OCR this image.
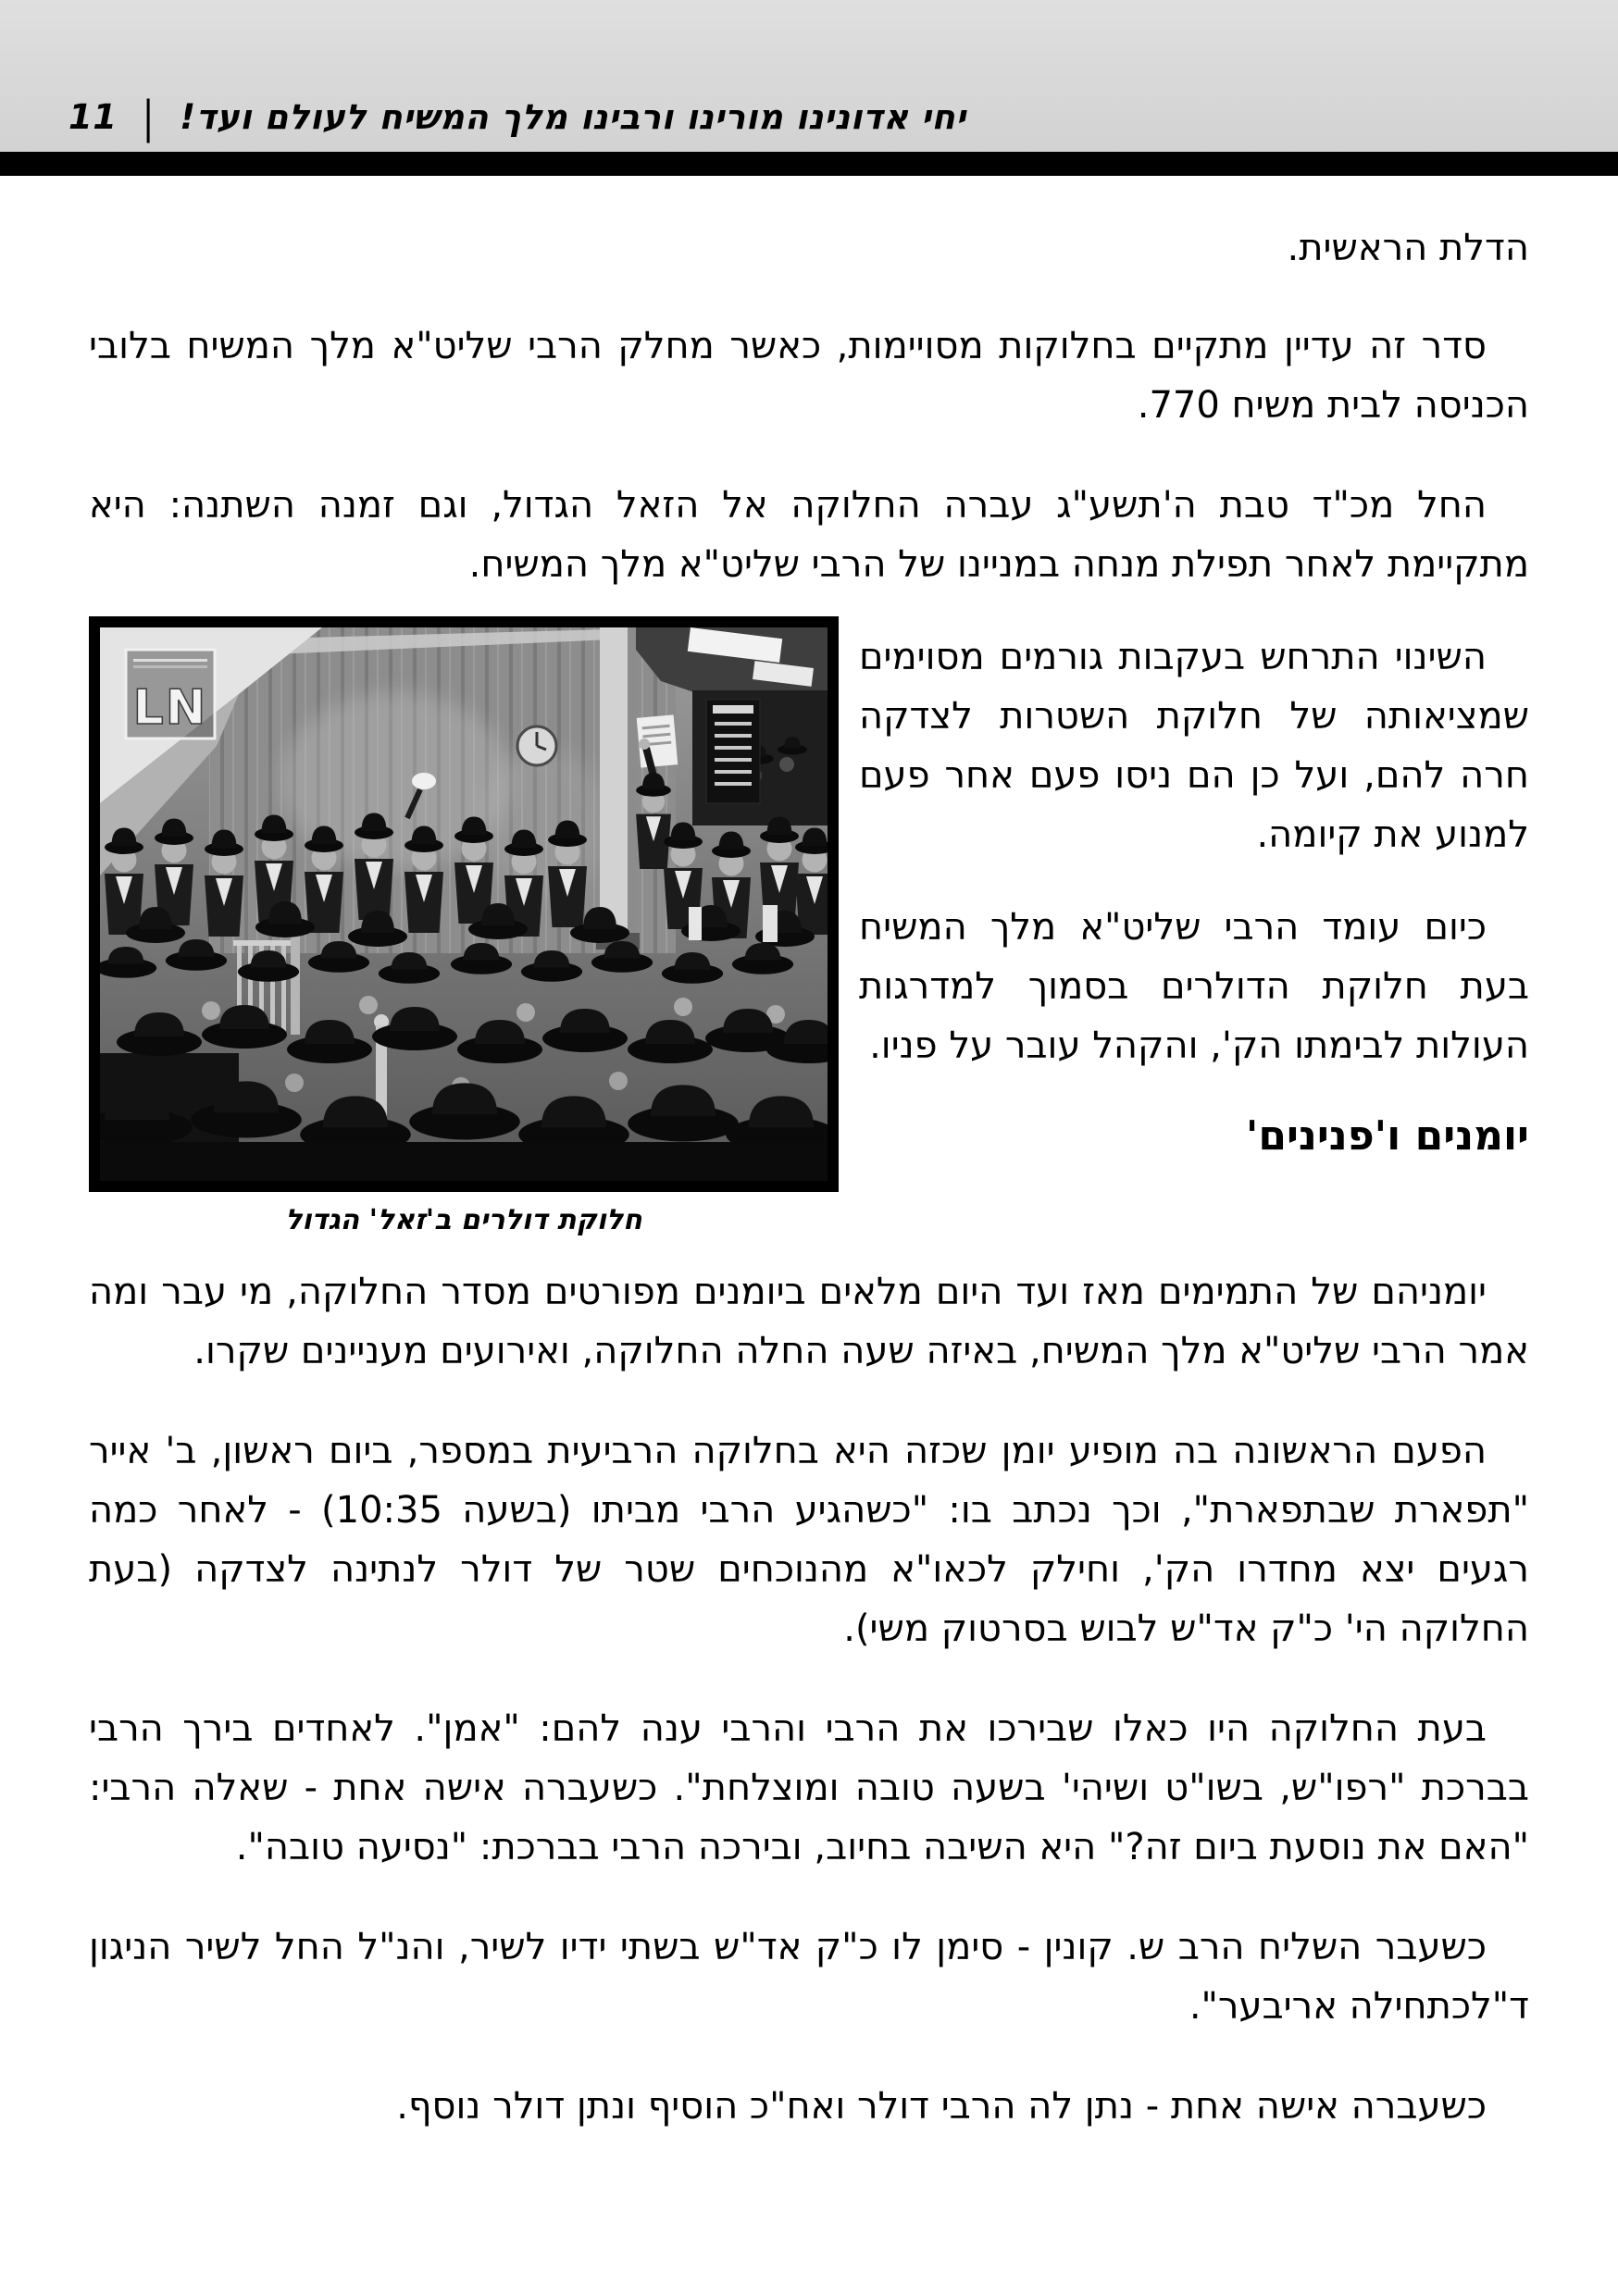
יחי אדונינו מורינו ורבינו מלך המשיח לעולם ועד! | 11

הדלת הראשית.

סדר זה עדיין מתקיים בחלוקות מסויימות, כאשר מחלק הרבי שליט"א מלך המשיח בלובי הכניסה לבית משיח 770.

החל מכ"ד טבת ה'תשע"ג עברה החלוקה אל הזאל הגדול, וגם זמנה השתנה: היא מתקיימת לאחר תפילת מנחה במניינו של הרבי שליט"א מלך המשיח.

השינוי התרחש בעקבות גורמים מסוימים שמציאותה של חלוקת השטרות לצדקה חרה להם, ועל כן הם ניסו פעם אחר פעם למנוע את קיומה.

כיום עומד הרבי שליט"א מלך המשיח בעת חלוקת הדולרים בסמוך למדרגות העולות לבימתו הק', והקהל עובר על פניו.

יומנים ו'פנינים'
LN
חלוקת דולרים ב'זאל' הגדול

יומניהם של התמימים מאז ועד היום מלאים ביומנים מפורטים מסדר החלוקה, מי עבר ומה אמר הרבי שליט"א מלך המשיח, באיזה שעה החלה החלוקה, ואירועים מעניינים שקרו.

הפעם הראשונה בה מופיע יומן שכזה היא בחלוקה הרביעית במספר, ביום ראשון, ב' אייר "תפארת שבתפארת", וכך נכתב בו: "כשהגיע הרבי מביתו (בשעה 10:35) - לאחר כמה רגעים יצא מחדרו הק', וחילק לכאו"א מהנוכחים שטר של דולר לנתינה לצדקה (בעת החלוקה הי' כ"ק אד"ש לבוש בסרטוק משי).

בעת החלוקה היו כאלו שבירכו את הרבי והרבי ענה להם: "אמן". לאחדים בירך הרבי בברכת "רפו"ש, בשו"ט ושיהי' בשעה טובה ומוצלחת". כשעברה אישה אחת - שאלה הרבי: "האם את נוסעת ביום זה?" היא השיבה בחיוב, ובירכה הרבי בברכת: "נסיעה טובה".

כשעבר השליח הרב ש. קונין - סימן לו כ"ק אד"ש בשתי ידיו לשיר, והנ"ל החל לשיר הניגון ד"לכתחילה אריבער".

כשעברה אישה אחת - נתן לה הרבי דולר ואח"כ הוסיף ונתן דולר נוסף.
